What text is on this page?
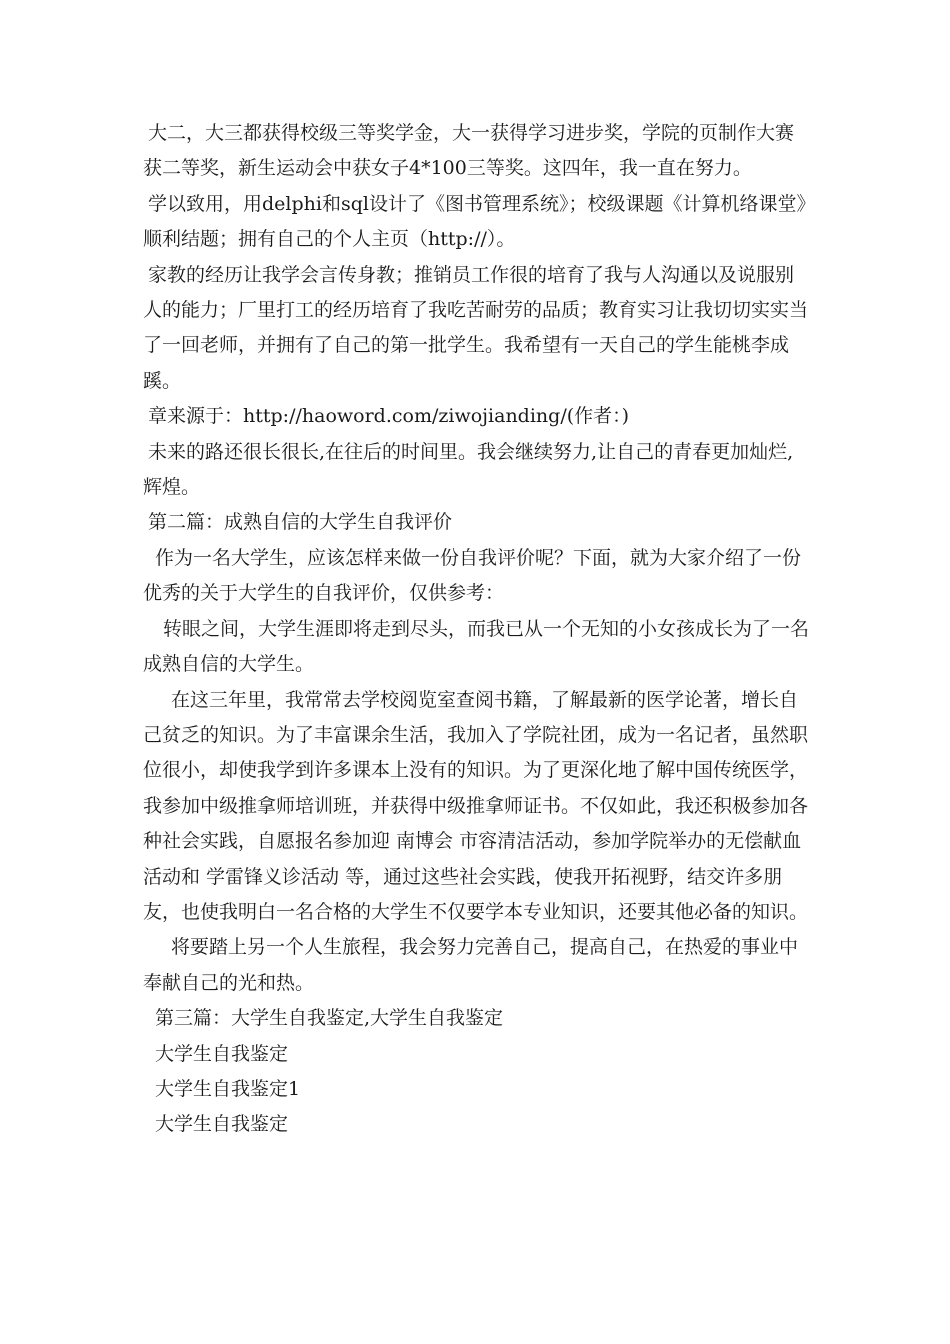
大二，大三都获得校级三等奖学金，大一获得学习进步奖，学院的页制作大赛获二等奖，新生运动会中获女子4*100三等奖。这四年，我一直在努力。

学以致用，用delphi和sql设计了《图书管理系统》；校级课题《计算机络课堂》顺利结题；拥有自己的个人主页（http://）。

家教的经历让我学会言传身教；推销员工作很的培育了我与人沟通以及说服别人的能力；厂里打工的经历培育了我吃苦耐劳的品质；教育实习让我切切实实当了一回老师，并拥有了自己的第一批学生。我希望有一天自己的学生能桃李成蹊。

章来源于：http://haoword.com/ziwojianding/(作者：)

未来的路还很长很长,在往后的时间里。我会继续努力,让自己的青春更加灿烂,辉煌。

第二篇：成熟自信的大学生自我评价

作为一名大学生，应该怎样来做一份自我评价呢？下面，就为大家介绍了一份优秀的关于大学生的自我评价，仅供参考：

转眼之间，大学生涯即将走到尽头，而我已从一个无知的小女孩成长为了一名成熟自信的大学生。

在这三年里，我常常去学校阅览室查阅书籍，了解最新的医学论著，增长自己贫乏的知识。为了丰富课余生活，我加入了学院社团，成为一名记者，虽然职位很小，却使我学到许多课本上没有的知识。为了更深化地了解中国传统医学，我参加中级推拿师培训班，并获得中级推拿师证书。不仅如此，我还积极参加各种社会实践，自愿报名参加迎 南博会 市容清洁活动，参加学院举办的无偿献血活动和 学雷锋义诊活动 等，通过这些社会实践，使我开拓视野，结交许多朋友，也使我明白一名合格的大学生不仅要学本专业知识，还要其他必备的知识。

将要踏上另一个人生旅程，我会努力完善自己，提高自己，在热爱的事业中奉献自己的光和热。

第三篇：大学生自我鉴定,大学生自我鉴定

大学生自我鉴定

大学生自我鉴定1

大学生自我鉴定
